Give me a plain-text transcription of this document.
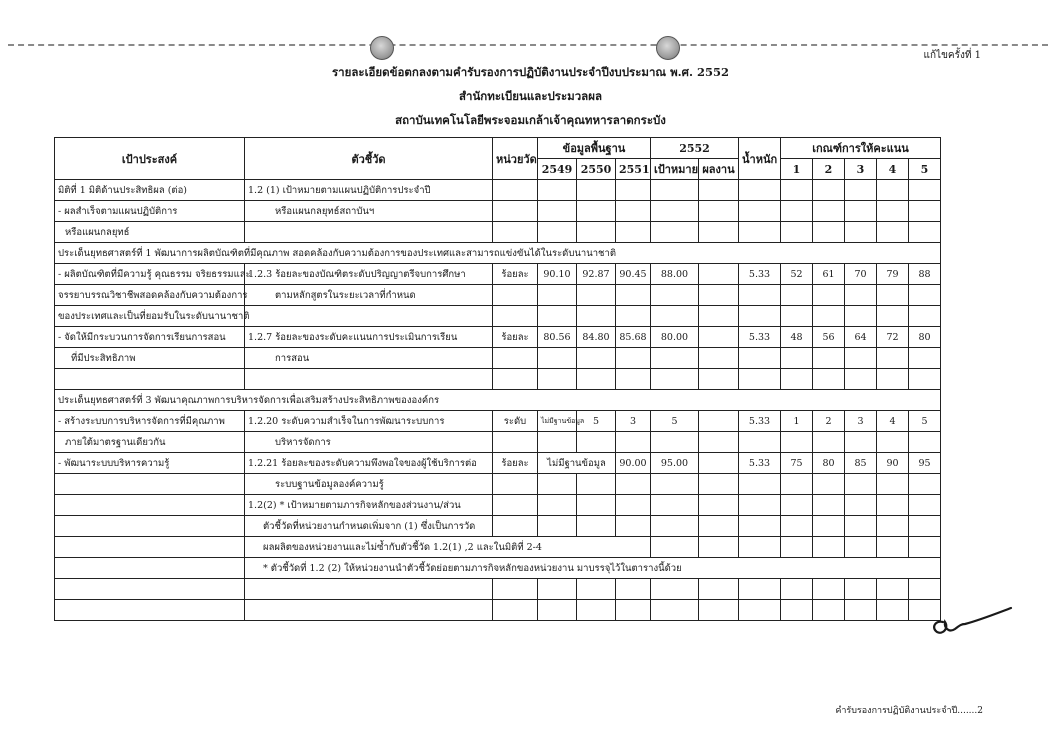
แก้ไขครั้งที่ 1
รายละเอียดข้อตกลงตามคำรับรองการปฏิบัติงานประจำปีงบประมาณ พ.ศ. 2552
สำนักทะเบียนและประมวลผล
สถาบันเทคโนโลยีพระจอมเกล้าเจ้าคุณทหารลาดกระบัง
เป้าประสงค์	ตัวชี้วัด	หน่วยวัด	ข้อมูลพื้นฐาน			2552		น้ำหนัก	เกณฑ์การให้คะแนน				
			2549	2550	2551	เป้าหมาย	ผลงาน		1	2	3	4	5
มิติที่ 1 มิติด้านประสิทธิผล (ต่อ)	1.2 (1) เป้าหมายตามแผนปฏิบัติการประจำปี												
- ผลสำเร็จตามแผนปฏิบัติการ	หรือแผนกลยุทธ์สถาบันฯ												
หรือแผนกลยุทธ์													
ประเด็นยุทธศาสตร์ที่ 1 พัฒนาการผลิตบัณฑิตที่มีคุณภาพ สอดคล้องกับความต้องการของประเทศและสามารถแข่งขันได้ในระดับนานาชาติ													
- ผลิตบัณฑิตที่มีความรู้ คุณธรรม จริยธรรมและ	1.2.3 ร้อยละของบัณฑิตระดับปริญญาตรีจบการศึกษา	ร้อยละ	90.10	92.87	90.45	88.00		5.33	52	61	70	79	88
จรรยาบรรณวิชาชีพสอดคล้องกับความต้องการ	ตามหลักสูตรในระยะเวลาที่กำหนด												
ของประเทศและเป็นที่ยอมรับในระดับนานาชาติ													
- จัดให้มีกระบวนการจัดการเรียนการสอน	1.2.7 ร้อยละของระดับคะแนนการประเมินการเรียน	ร้อยละ	80.56	84.80	85.68	80.00		5.33	48	56	64	72	80
ที่มีประสิทธิภาพ	การสอน												

ประเด็นยุทธศาสตร์ที่ 3 พัฒนาคุณภาพการบริหารจัดการเพื่อเสริมสร้างประสิทธิภาพขององค์กร													
- สร้างระบบการบริหารจัดการที่มีคุณภาพ	1.2.20 ระดับความสำเร็จในการพัฒนาระบบการ	ระดับ	ไม่มีฐานข้อมูล	5	3	5		5.33	1	2	3	4	5
ภายใต้มาตรฐานเดียวกัน	บริหารจัดการ												
- พัฒนาระบบบริหารความรู้	1.2.21 ร้อยละของระดับความพึงพอใจของผู้ใช้บริการต่อ	ร้อยละ	ไม่มีฐานข้อมูล		90.00	95.00		5.33	75	80	85	90	95
	ระบบฐานข้อมูลองค์ความรู้												
	1.2(2) * เป้าหมายตามภารกิจหลักของส่วนงาน/ส่วน												
	ตัวชี้วัดที่หน่วยงานกำหนดเพิ่มจาก (1) ซึ่งเป็นการวัด												
	ผลผลิตของหน่วยงานและไม่ซ้ำกับตัวชี้วัด 1.2(1) ,2 และในมิติที่ 2-4												
	* ตัวชี้วัดที่ 1.2 (2) ให้หน่วยงานนำตัวชี้วัดย่อยตามภารกิจหลักของหน่วยงาน มาบรรจุไว้ในตารางนี้ด้วย												

คำรับรองการปฏิบัติงานประจำปี.......2
